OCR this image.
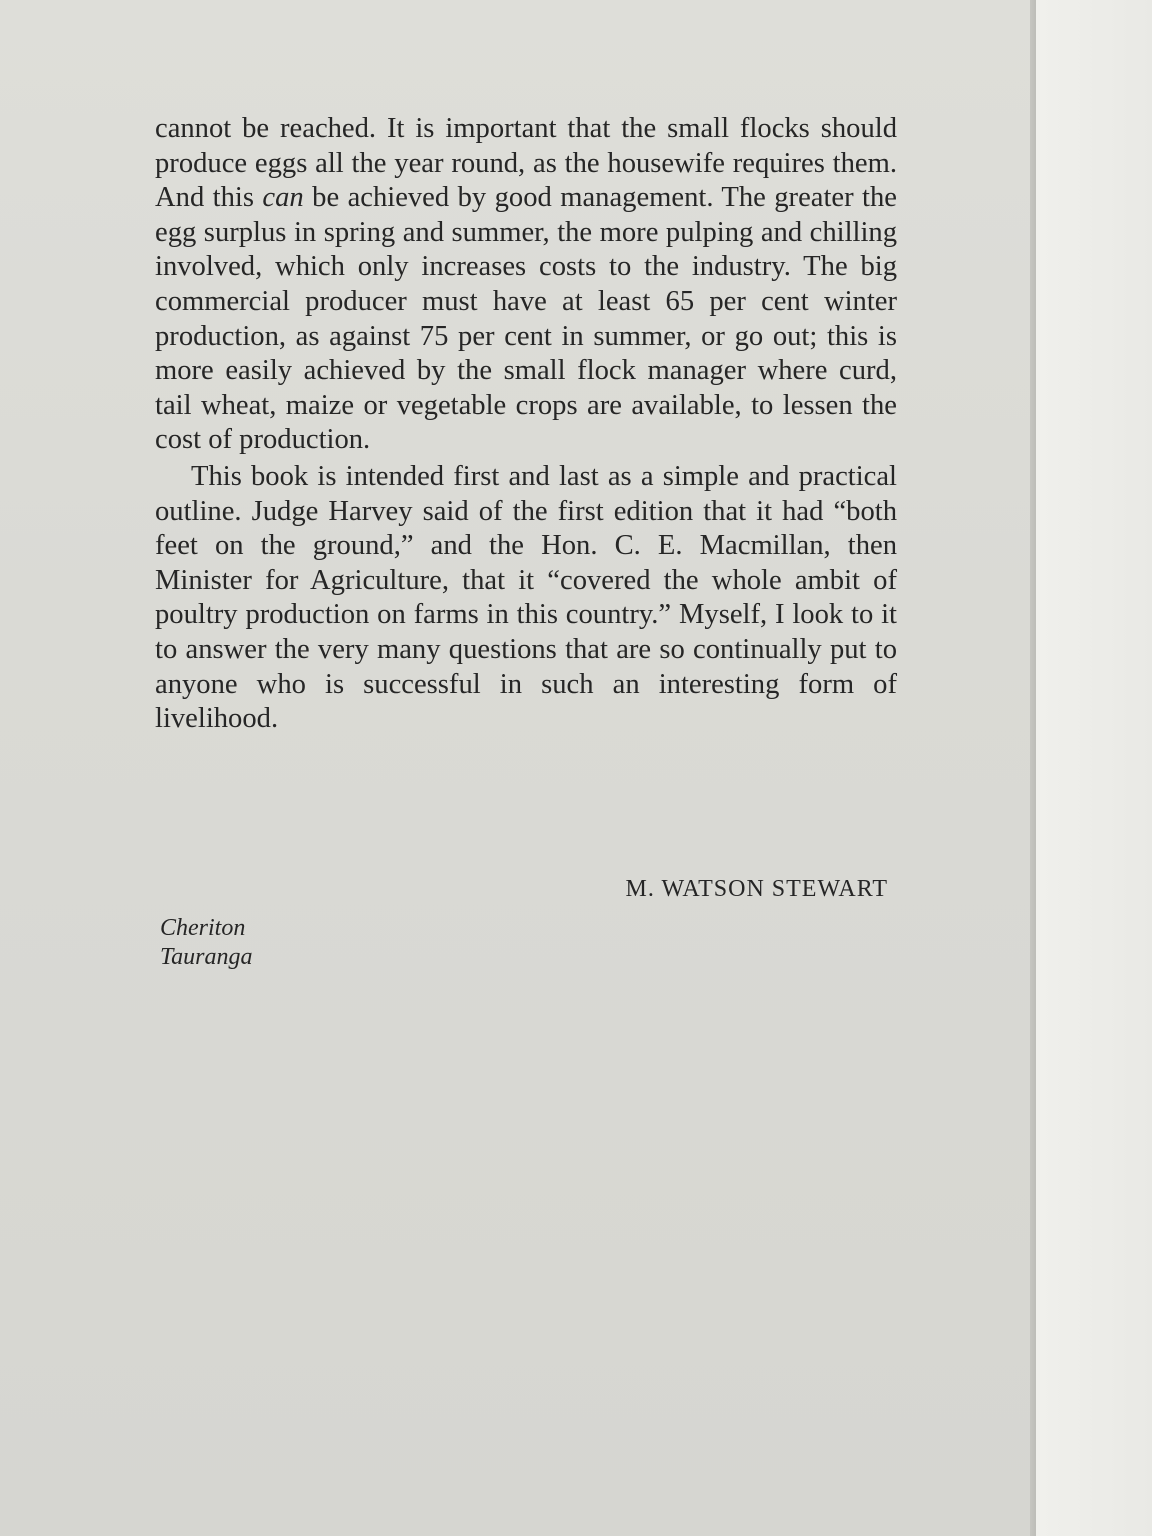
cannot be reached. It is important that the small flocks should produce eggs all the year round, as the housewife requires them. And this can be achieved by good management. The greater the egg surplus in spring and summer, the more pulping and chilling involved, which only increases costs to the industry. The big commercial producer must have at least 65 per cent winter production, as against 75 per cent in summer, or go out; this is more easily achieved by the small flock manager where curd, tail wheat, maize or vegetable crops are available, to lessen the cost of production.

This book is intended first and last as a simple and practical outline. Judge Harvey said of the first edition that it had “both feet on the ground,” and the Hon. C. E. Macmillan, then Minister for Agriculture, that it “covered the whole ambit of poultry production on farms in this country.” Myself, I look to it to answer the very many questions that are so continually put to anyone who is successful in such an interesting form of livelihood.

M. WATSON STEWART
Cheriton
Tauranga
